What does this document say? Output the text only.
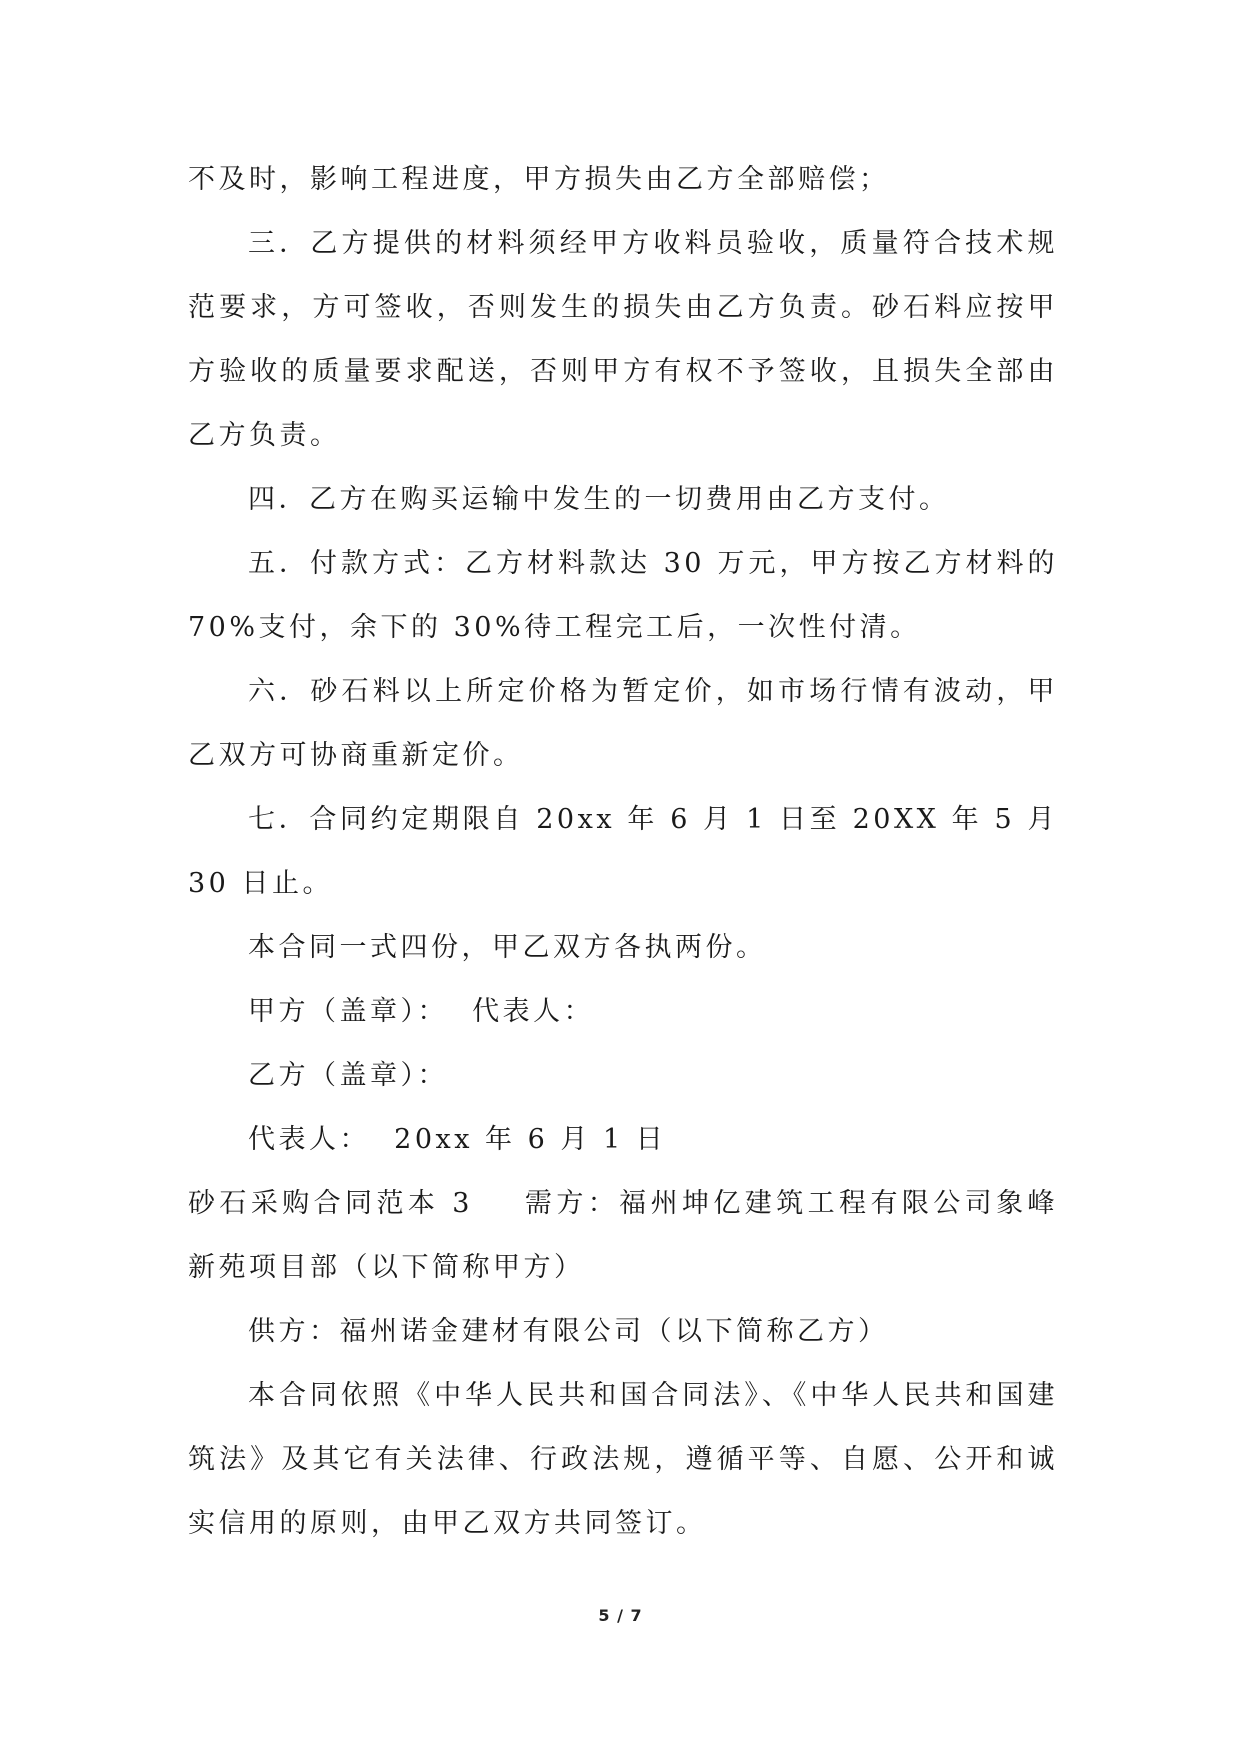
不及时，影响工程进度，甲方损失由乙方全部赔偿；

三．乙方提供的材料须经甲方收料员验收，质量符合技术规范要求，方可签收，否则发生的损失由乙方负责。砂石料应按甲方验收的质量要求配送，否则甲方有权不予签收，且损失全部由乙方负责。

四．乙方在购买运输中发生的一切费用由乙方支付。

五．付款方式：乙方材料款达 30 万元，甲方按乙方材料的 70%支付，余下的 30%待工程完工后，一次性付清。

六．砂石料以上所定价格为暂定价，如市场行情有波动，甲乙双方可协商重新定价。

七．合同约定期限自 20xx 年 6 月 1 日至 20XX 年 5 月 30 日止。

本合同一式四份，甲乙双方各执两份。

甲方（盖章）：  代表人：

乙方（盖章）：

代表人：  20xx 年 6 月 1 日

砂石采购合同范本 3    需方：福州坤亿建筑工程有限公司象峰新苑项目部（以下简称甲方）

供方：福州诺金建材有限公司（以下简称乙方）

本合同依照《中华人民共和国合同法》、《中华人民共和国建筑法》及其它有关法律、行政法规，遵循平等、自愿、公开和诚实信用的原则，由甲乙双方共同签订。

5 / 7
